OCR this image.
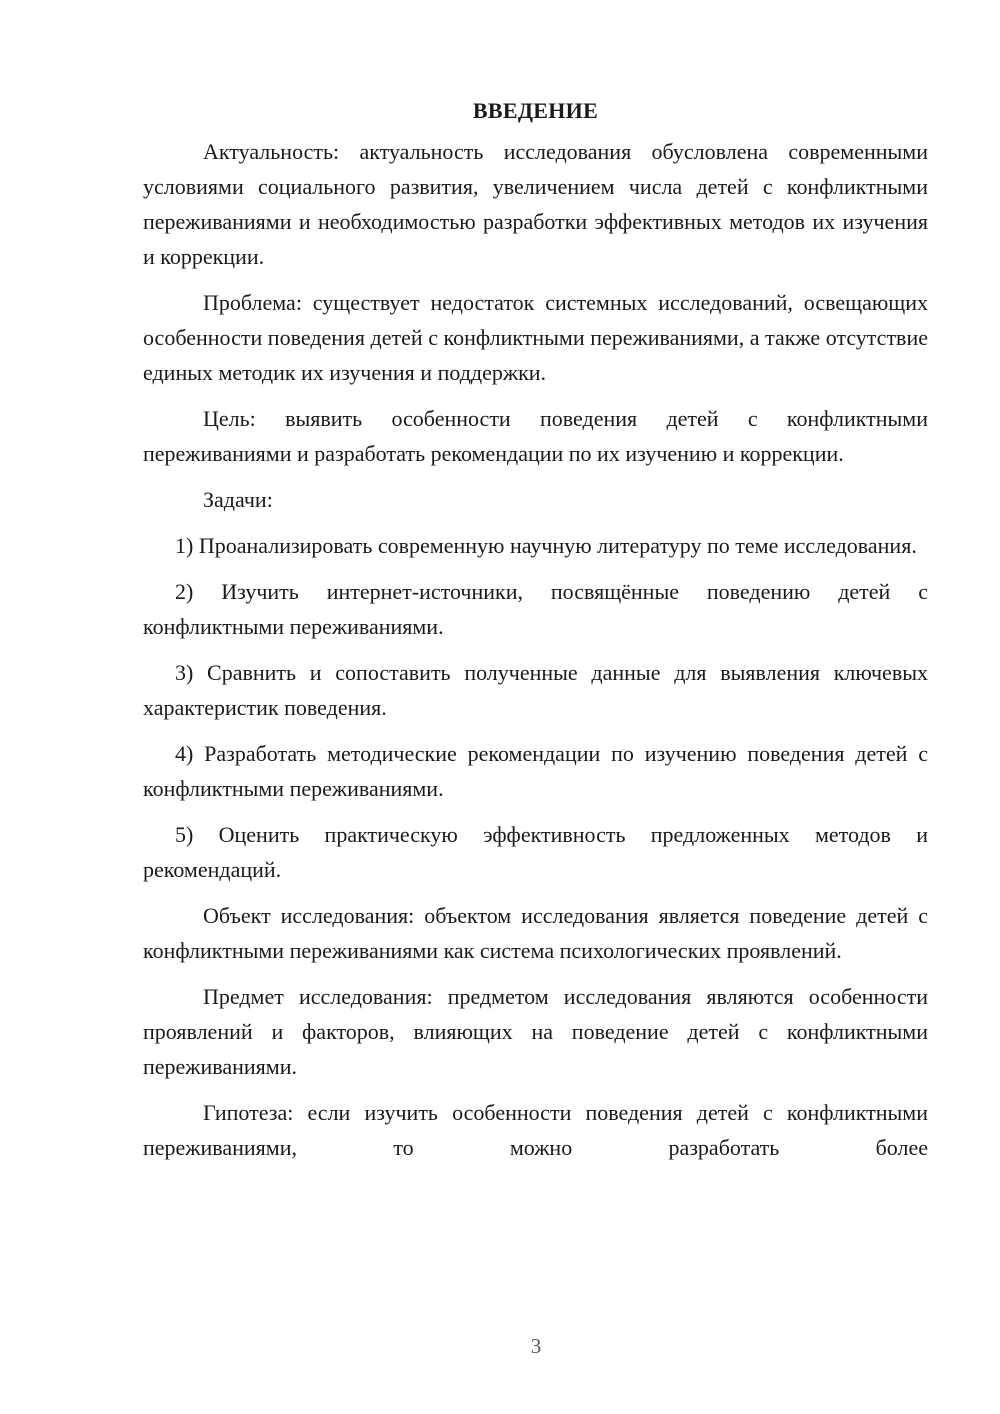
ВВЕДЕНИЕ

Актуальность: актуальность исследования обусловлена современными условиями социального развития, увеличением числа детей с конфликтными переживаниями и необходимостью разработки эффективных методов их изучения и коррекции.

Проблема: существует недостаток системных исследований, освещающих особенности поведения детей с конфликтными переживаниями, а также отсутствие единых методик их изучения и поддержки.

Цель: выявить особенности поведения детей с конфликтными переживаниями и разработать рекомендации по их изучению и коррекции.

Задачи:

1) Проанализировать современную научную литературу по теме исследования.

2) Изучить интернет-источники, посвящённые поведению детей с конфликтными переживаниями.

3) Сравнить и сопоставить полученные данные для выявления ключевых характеристик поведения.

4) Разработать методические рекомендации по изучению поведения детей с конфликтными переживаниями.

5) Оценить практическую эффективность предложенных методов и рекомендаций.

Объект исследования: объектом исследования является поведение детей с конфликтными переживаниями как система психологических проявлений.

Предмет исследования: предметом исследования являются особенности проявлений и факторов, влияющих на поведение детей с конфликтными переживаниями.

Гипотеза: если изучить особенности поведения детей с конфликтными переживаниями, то можно разработать более

3
